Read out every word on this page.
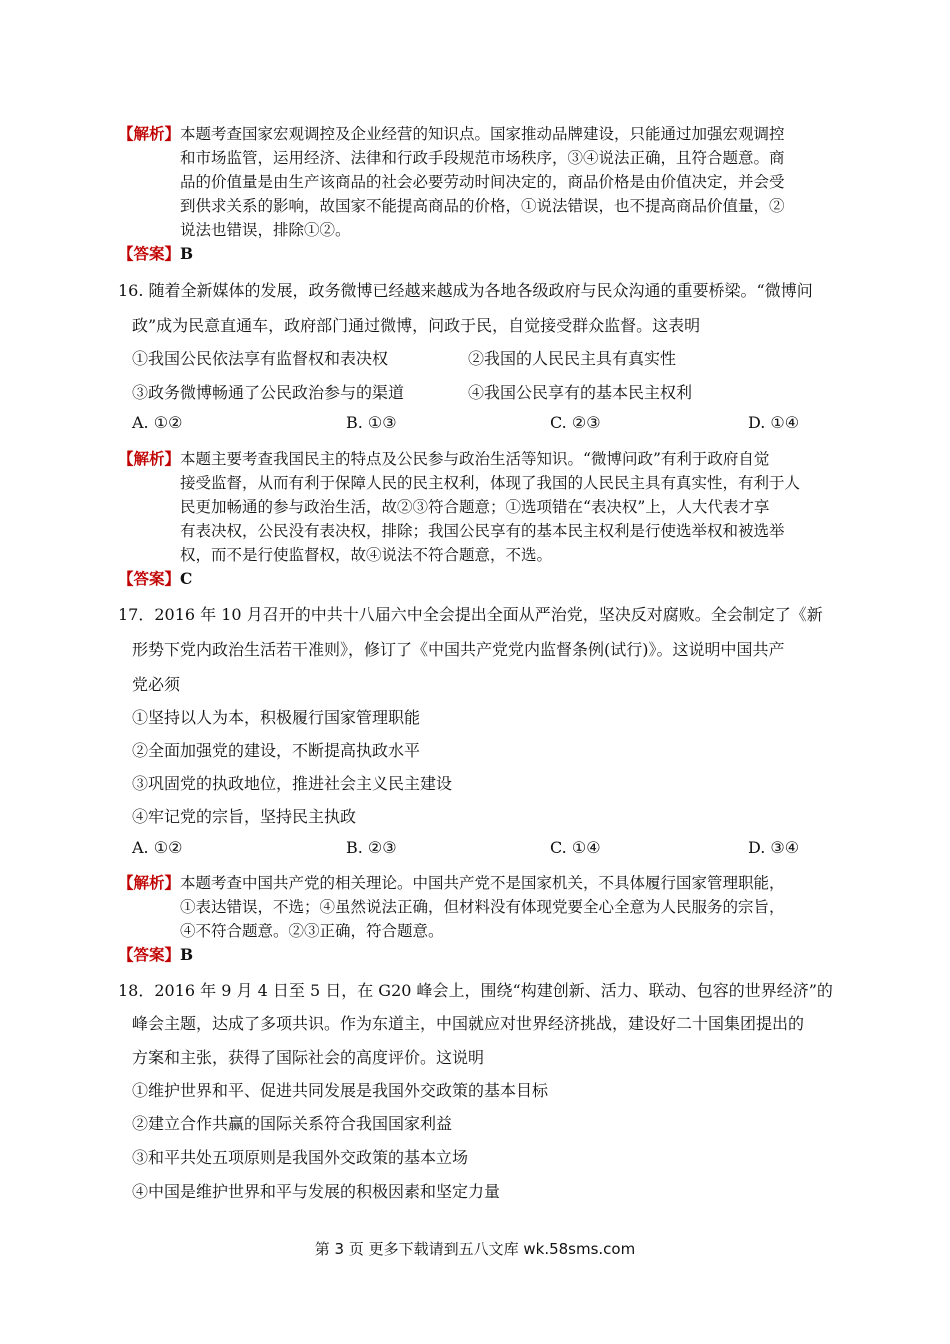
【解析】本题考查国家宏观调控及企业经营的知识点。国家推动品牌建设，只能通过加强宏观调控
和市场监管，运用经济、法律和行政手段规范市场秩序，③④说法正确，且符合题意。商
品的价值量是由生产该商品的社会必要劳动时间决定的，商品价格是由价值决定，并会受
到供求关系的影响，故国家不能提高商品的价格，①说法错误，也不提高商品价值量，②
说法也错误，排除①②。
【答案】B
16. 随着全新媒体的发展，政务微博已经越来越成为各地各级政府与民众沟通的重要桥梁。“微博问
政”成为民意直通车，政府部门通过微博，问政于民，自觉接受群众监督。这表明
①我国公民依法享有监督权和表决权	②我国的人民民主具有真实性
③政务微博畅通了公民政治参与的渠道	④我国公民享有的基本民主权利
A. ①②	B. ①③	C. ②③	D. ①④
【解析】本题主要考查我国民主的特点及公民参与政治生活等知识。“微博问政”有利于政府自觉
接受监督，从而有利于保障人民的民主权利，体现了我国的人民民主具有真实性，有利于人
民更加畅通的参与政治生活，故②③符合题意；①选项错在“表决权”上，人大代表才享
有表决权，公民没有表决权，排除；我国公民享有的基本民主权利是行使选举权和被选举
权，而不是行使监督权，故④说法不符合题意，不选。
【答案】C
17．2016 年 10 月召开的中共十八届六中全会提出全面从严治党，坚决反对腐败。全会制定了《新
形势下党内政治生活若干准则》，修订了《中国共产党党内监督条例(试行)》。这说明中国共产
党必须
①坚持以人为本，积极履行国家管理职能
②全面加强党的建设，不断提高执政水平
③巩固党的执政地位，推进社会主义民主建设
④牢记党的宗旨，坚持民主执政
A. ①②	B. ②③	C. ①④	D. ③④
【解析】本题考查中国共产党的相关理论。中国共产党不是国家机关，不具体履行国家管理职能，
①表达错误，不选；④虽然说法正确，但材料没有体现党要全心全意为人民服务的宗旨，
④不符合题意。②③正确，符合题意。
【答案】B
18．2016 年 9 月 4 日至 5 日，在 G20 峰会上，围绕“构建创新、活力、联动、包容的世界经济”的
峰会主题，达成了多项共识。作为东道主，中国就应对世界经济挑战，建设好二十国集团提出的
方案和主张，获得了国际社会的高度评价。这说明
①维护世界和平、促进共同发展是我国外交政策的基本目标
②建立合作共赢的国际关系符合我国国家利益
③和平共处五项原则是我国外交政策的基本立场
④中国是维护世界和平与发展的积极因素和坚定力量
第 3 页 更多下载请到五八文库 wk.58sms.com
